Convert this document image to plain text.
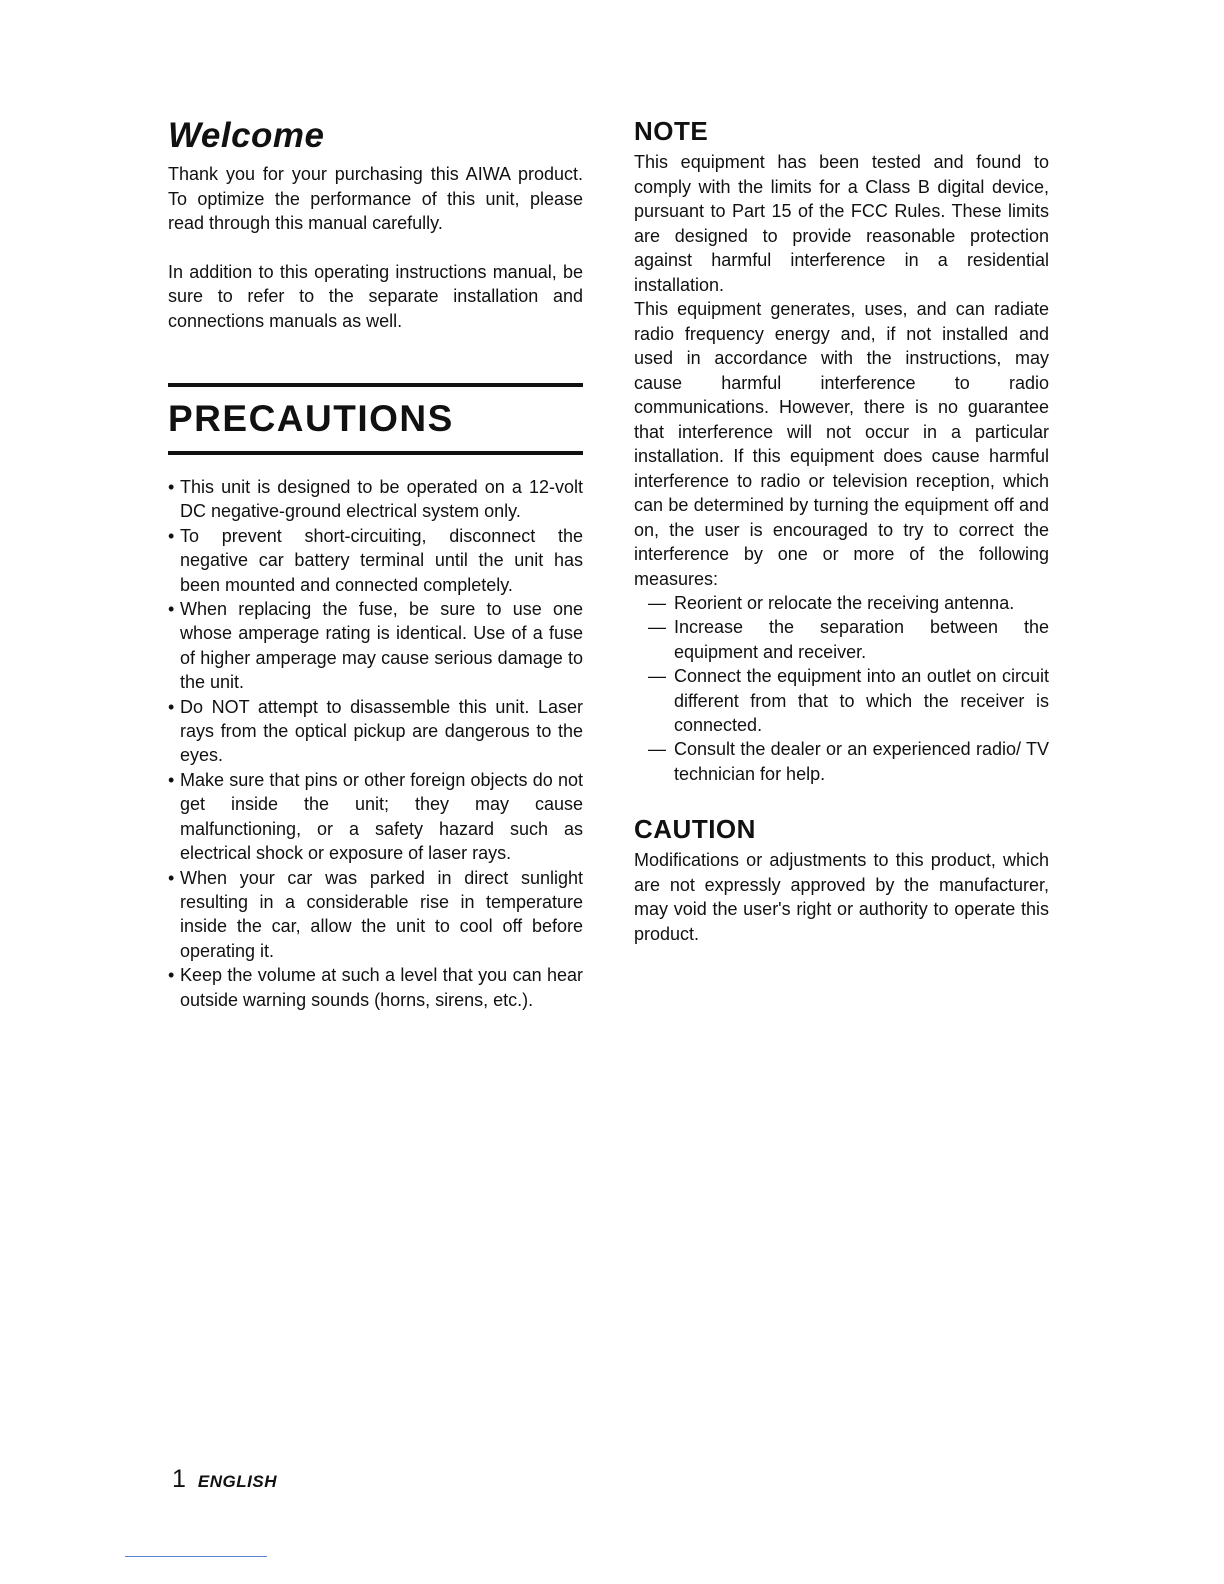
Welcome

Thank you for your purchasing this AIWA product. To optimize the performance of this unit, please read through this manual carefully.

In addition to this operating instructions manual, be sure to refer to the separate installation and connections manuals as well.

PRECAUTIONS
• This unit is designed to be operated on a 12-volt DC negative-ground electrical system only.
• To prevent short-circuiting, disconnect the negative car battery terminal until the unit has been mounted and connected completely.
• When replacing the fuse, be sure to use one whose amperage rating is identical. Use of a fuse of higher amperage may cause serious damage to the unit.
• Do NOT attempt to disassemble this unit. Laser rays from the optical pickup are dangerous to the eyes.
• Make sure that pins or other foreign objects do not get inside the unit; they may cause malfunctioning, or a safety hazard such as electrical shock or exposure of laser rays.
• When your car was parked in direct sunlight resulting in a considerable rise in temperature inside the car, allow the unit to cool off before operating it.
• Keep the volume at such a level that you can hear outside warning sounds (horns, sirens, etc.).
NOTE

This equipment has been tested and found to comply with the limits for a Class B digital device, pursuant to Part 15 of the FCC Rules. These limits are designed to provide reasonable protection against harmful interference in a residential installation.

This equipment generates, uses, and can radiate radio frequency energy and, if not installed and used in accordance with the instructions, may cause harmful interference to radio communications. However, there is no guarantee that interference will not occur in a particular installation. If this equipment does cause harmful interference to radio or television reception, which can be determined by turning the equipment off and on, the user is encouraged to try to correct the interference by one or more of the following measures:

— Reorient or relocate the receiving antenna.
— Increase the separation between the equipment and receiver.
— Connect the equipment into an outlet on circuit different from that to which the receiver is connected.
— Consult the dealer or an experienced radio/ TV technician for help.
CAUTION

Modifications or adjustments to this product, which are not expressly approved by the manufacturer, may void the user's right or authority to operate this product.

1 ENGLISH
